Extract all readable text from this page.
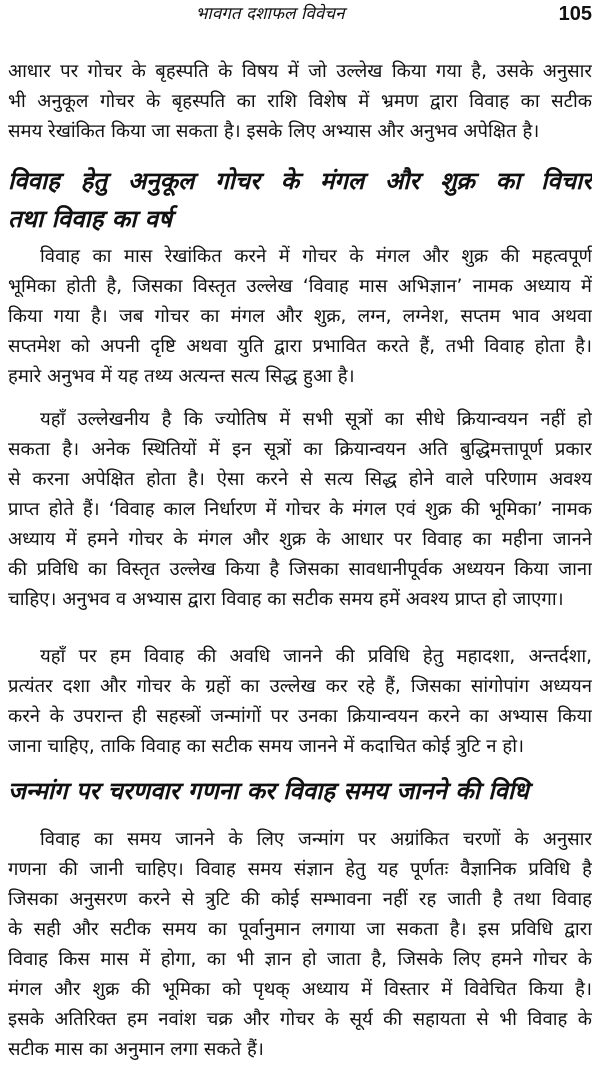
भावगत दशाफल विवेचन	105
आधार पर गोचर के बृहस्पति के विषय में जो उल्लेख किया गया है, उसके अनुसार
भी अनुकूल गोचर के बृहस्पति का राशि विशेष में भ्रमण द्वारा विवाह का सटीक
समय रेखांकित किया जा सकता है। इसके लिए अभ्यास और अनुभव अपेक्षित है।
विवाह हेतु अनुकूल गोचर के मंगल और शुक्र का विचार
तथा विवाह का वर्ष
विवाह का मास रेखांकित करने में गोचर के मंगल और शुक्र की महत्वपूर्ण
भूमिका होती है, जिसका विस्तृत उल्लेख ‘विवाह मास अभिज्ञान’ नामक अध्याय में
किया गया है। जब गोचर का मंगल और शुक्र, लग्न, लग्नेश, सप्तम भाव अथवा
सप्तमेश को अपनी दृष्टि अथवा युति द्वारा प्रभावित करते हैं, तभी विवाह होता है।
हमारे अनुभव में यह तथ्य अत्यन्त सत्य सिद्ध हुआ है।
यहाँ उल्लेखनीय है कि ज्योतिष में सभी सूत्रों का सीधे क्रियान्वयन नहीं हो
सकता है। अनेक स्थितियों में इन सूत्रों का क्रियान्वयन अति बुद्धिमत्तापूर्ण प्रकार
से करना अपेक्षित होता है। ऐसा करने से सत्य सिद्ध होने वाले परिणाम अवश्य
प्राप्त होते हैं। ‘विवाह काल निर्धारण में गोचर के मंगल एवं शुक्र की भूमिका’ नामक
अध्याय में हमने गोचर के मंगल और शुक्र के आधार पर विवाह का महीना जानने
की प्रविधि का विस्तृत उल्लेख किया है जिसका सावधानीपूर्वक अध्ययन किया जाना
चाहिए। अनुभव व अभ्यास द्वारा विवाह का सटीक समय हमें अवश्य प्राप्त हो जाएगा।
यहाँ पर हम विवाह की अवधि जानने की प्रविधि हेतु महादशा, अन्तर्दशा,
प्रत्यंतर दशा और गोचर के ग्रहों का उल्लेख कर रहे हैं, जिसका सांगोपांग अध्ययन
करने के उपरान्त ही सहस्त्रों जन्मांगों पर उनका क्रियान्वयन करने का अभ्यास किया
जाना चाहिए, ताकि विवाह का सटीक समय जानने में कदाचित कोई त्रुटि न हो।
जन्मांग पर चरणवार गणना कर विवाह समय जानने की विधि
विवाह का समय जानने के लिए जन्मांग पर अग्रांकित चरणों के अनुसार
गणना की जानी चाहिए। विवाह समय संज्ञान हेतु यह पूर्णतः वैज्ञानिक प्रविधि है
जिसका अनुसरण करने से त्रुटि की कोई सम्भावना नहीं रह जाती है तथा विवाह
के सही और सटीक समय का पूर्वानुमान लगाया जा सकता है। इस प्रविधि द्वारा
विवाह किस मास में होगा, का भी ज्ञान हो जाता है, जिसके लिए हमने गोचर के
मंगल और शुक्र की भूमिका को पृथक् अध्याय में विस्तार में विवेचित किया है।
इसके अतिरिक्त हम नवांश चक्र और गोचर के सूर्य की सहायता से भी विवाह के
सटीक मास का अनुमान लगा सकते हैं।
